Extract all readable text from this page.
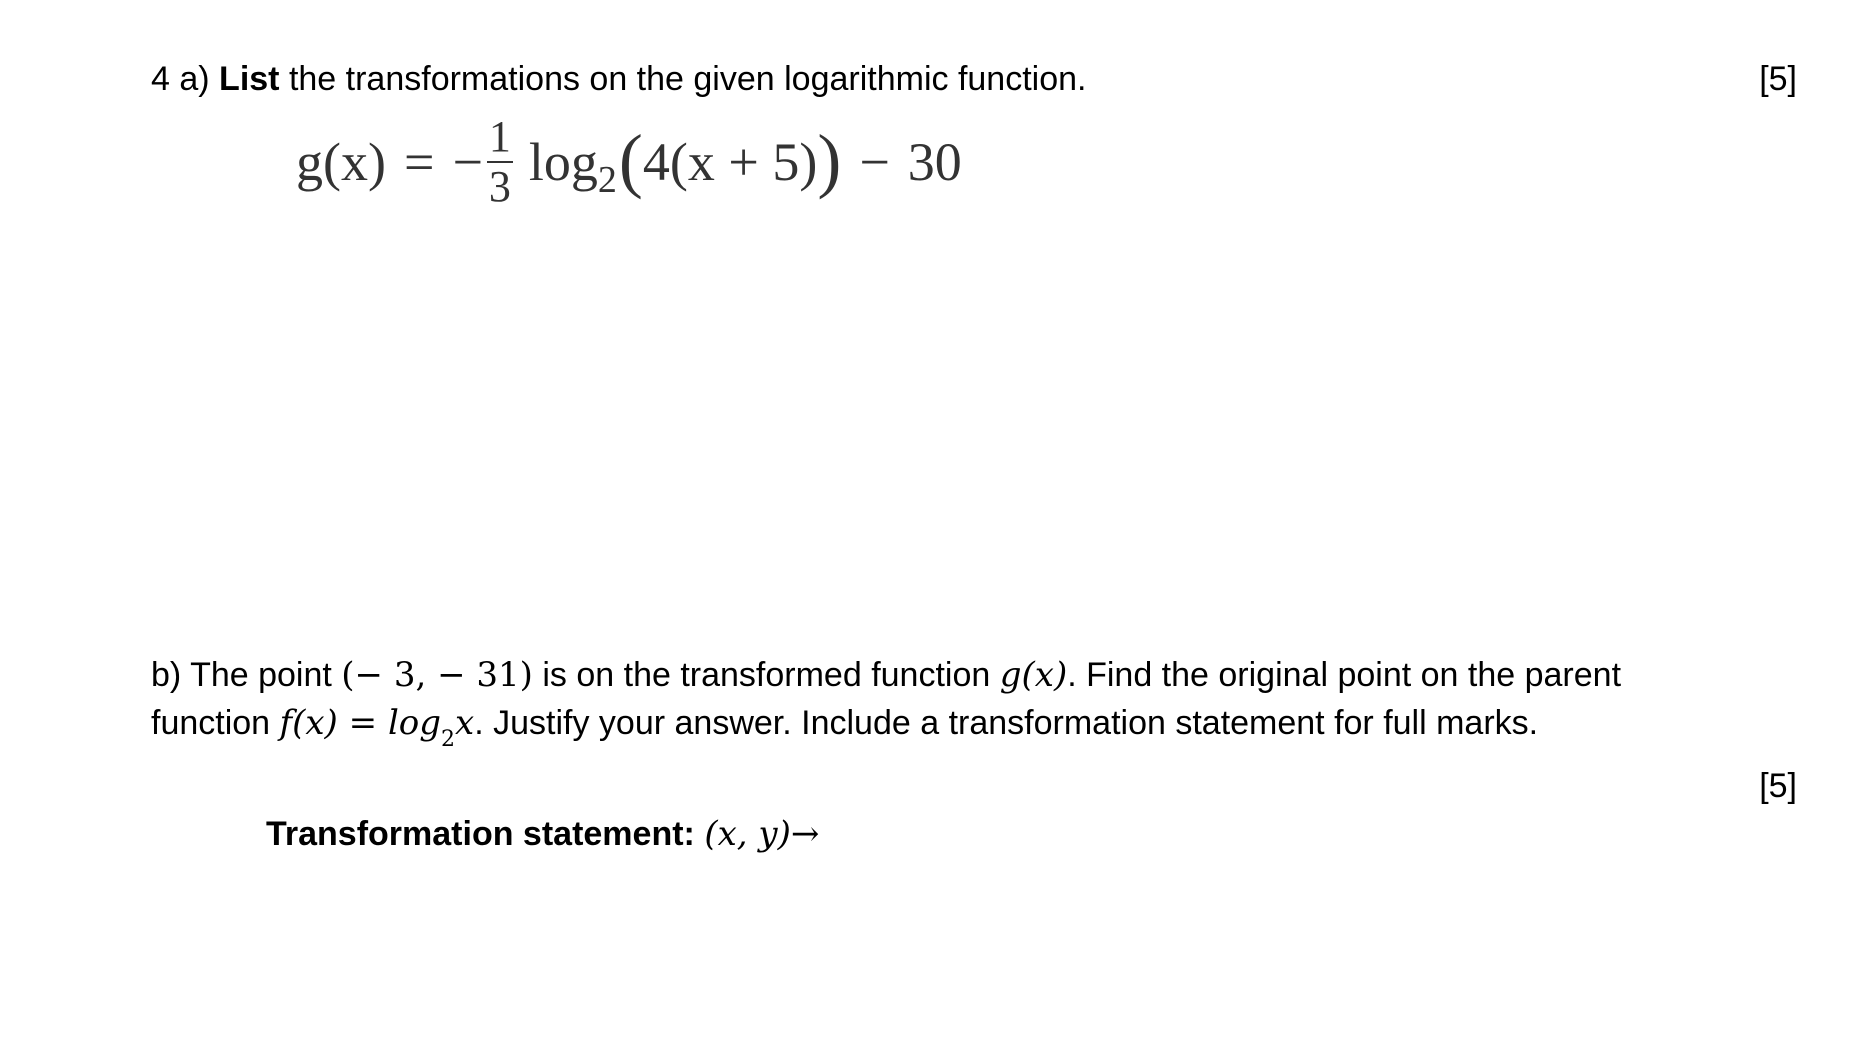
4 a) List the transformations on the given logarithmic function.	[5]
g(x) = − $\frac{1}{3}$ log 2 ( 4(x + 5) ) − 30
b) The point (− 3, − 31) is on the transformed function g(x). Find the original point on the parent
function $f(x) = \log_2x$. Justify your answer. Include a transformation statement for full marks.
[5]
Transformation statement: (x, y)→
